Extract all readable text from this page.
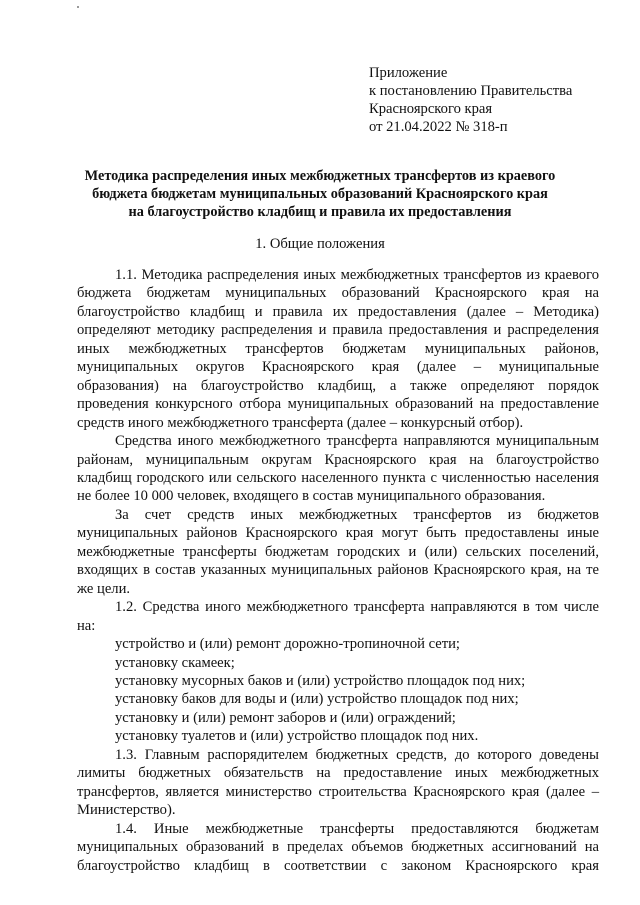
Приложение
к постановлению Правительства
Красноярского края
от 21.04.2022 № 318-п
Методика распределения иных межбюджетных трансфертов из краевого
бюджета бюджетам муниципальных образований Красноярского края
на благоустройство кладбищ и правила их предоставления
1. Общие положения

1.1. Методика распределения иных межбюджетных трансфертов из краевого бюджета бюджетам муниципальных образований Красноярского края на благоустройство кладбищ и правила их предоставления (далее – Методика) определяют методику распределения и правила предоставления и распределения иных межбюджетных трансфертов бюджетам муниципальных районов, муниципальных округов Красноярского края (далее – муниципальные образования) на благоустройство кладбищ, а также определяют порядок проведения конкурсного отбора муниципальных образований на предоставление средств иного межбюджетного трансферта (далее – конкурсный отбор).

Средства иного межбюджетного трансферта направляются муниципальным районам, муниципальным округам Красноярского края на благоустройство кладбищ городского или сельского населенного пункта с численностью населения не более 10 000 человек, входящего в состав муниципального образования.

За счет средств иных межбюджетных трансфертов из бюджетов муниципальных районов Красноярского края могут быть предоставлены иные межбюджетные трансферты бюджетам городских и (или) сельских поселений, входящих в состав указанных муниципальных районов Красноярского края, на те же цели.

1.2. Средства иного межбюджетного трансферта направляются в том числе на:

устройство и (или) ремонт дорожно-тропиночной сети;

установку скамеек;

установку мусорных баков и (или) устройство площадок под них;

установку баков для воды и (или) устройство площадок под них;

установку и (или) ремонт заборов и (или) ограждений;

установку туалетов и (или) устройство площадок под них.

1.3. Главным распорядителем бюджетных средств, до которого доведены лимиты бюджетных обязательств на предоставление иных межбюджетных трансфертов, является министерство строительства Красноярского края (далее – Министерство).

1.4. Иные межбюджетные трансферты предоставляются бюджетам муниципальных образований в пределах объемов бюджетных ассигнований на благоустройство кладбищ в соответствии с законом Красноярского края
